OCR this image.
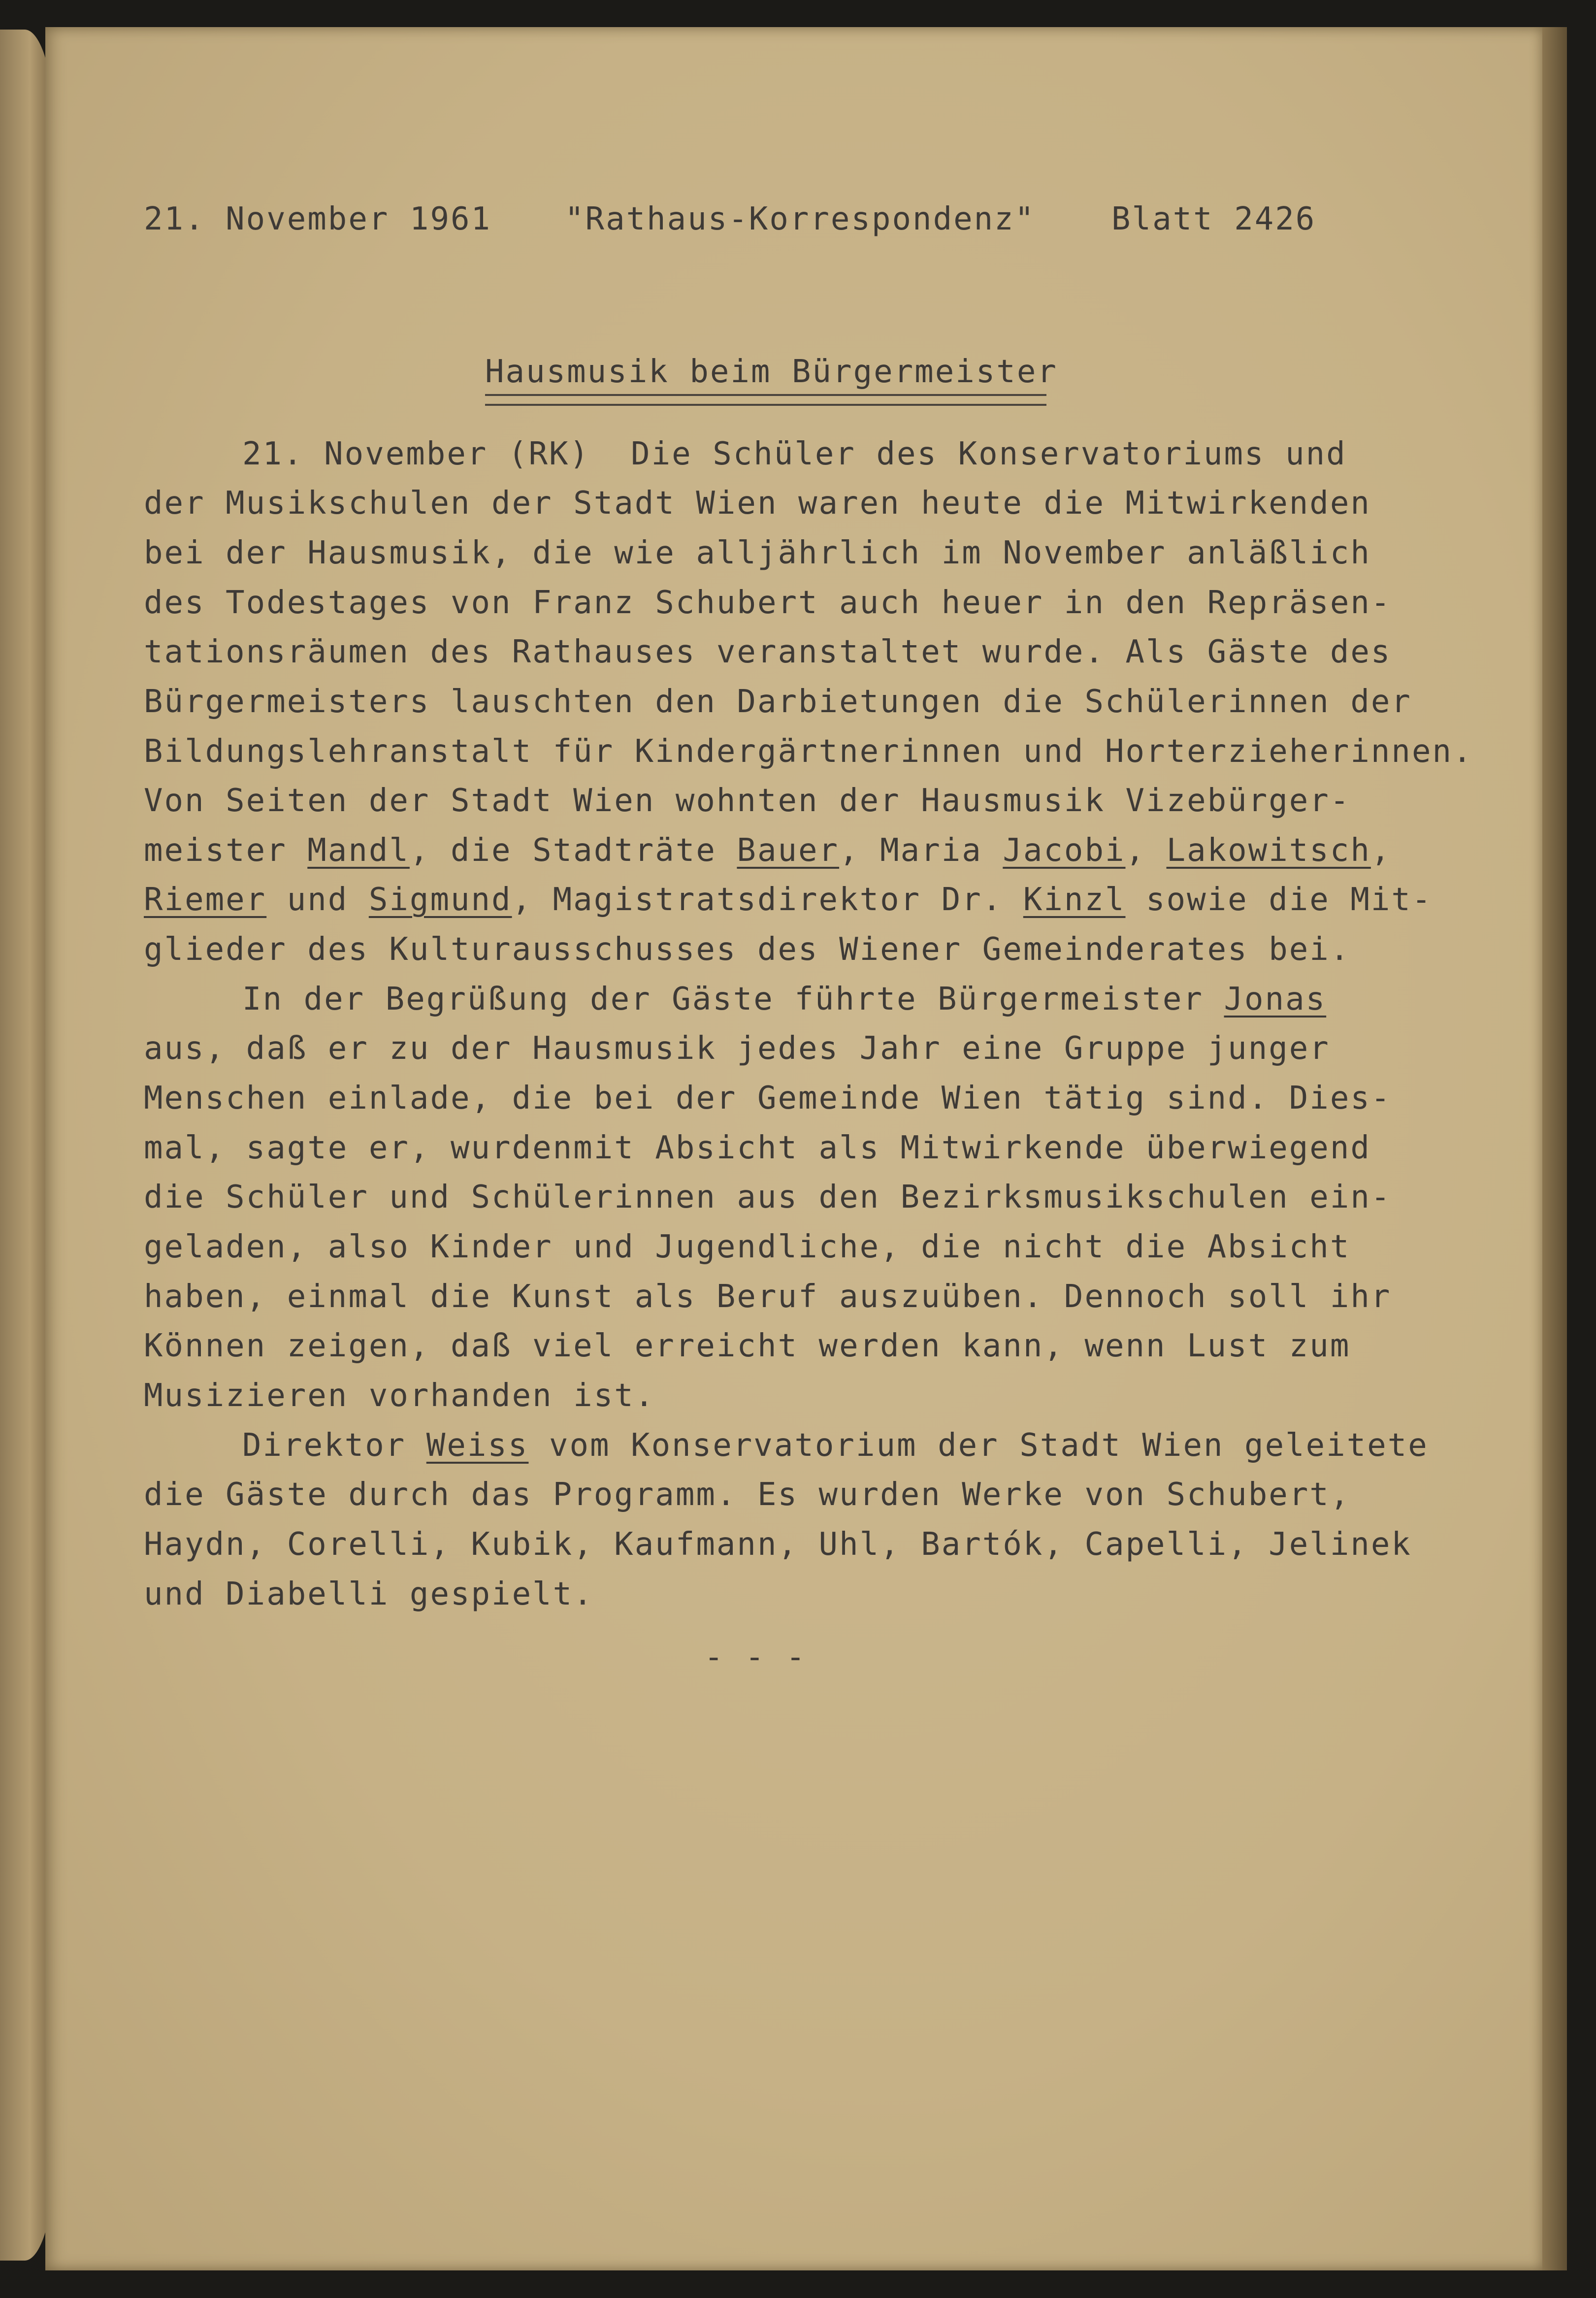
21. November 1961 "Rathaus-Korrespondenz" Blatt 2426
Hausmusik beim Bürgermeister
21. November (RK)  Die Schüler des Konservatoriums und
der Musikschulen der Stadt Wien waren heute die Mitwirkenden
bei der Hausmusik, die wie alljährlich im November anläßlich
des Todestages von Franz Schubert auch heuer in den Repräsen-
tationsräumen des Rathauses veranstaltet wurde. Als Gäste des
Bürgermeisters lauschten den Darbietungen die Schülerinnen der
Bildungslehranstalt für Kindergärtnerinnen und Horterzieherinnen.
Von Seiten der Stadt Wien wohnten der Hausmusik Vizebürger-
meister Mandl, die Stadträte Bauer, Maria Jacobi, Lakowitsch,
Riemer und Sigmund, Magistratsdirektor Dr. Kinzl sowie die Mit-
glieder des Kulturausschusses des Wiener Gemeinderates bei.
In der Begrüßung der Gäste führte Bürgermeister Jonas
aus, daß er zu der Hausmusik jedes Jahr eine Gruppe junger
Menschen einlade, die bei der Gemeinde Wien tätig sind. Dies-
mal, sagte er, wurdenmit Absicht als Mitwirkende überwiegend
die Schüler und Schülerinnen aus den Bezirksmusikschulen ein-
geladen, also Kinder und Jugendliche, die nicht die Absicht
haben, einmal die Kunst als Beruf auszuüben. Dennoch soll ihr
Können zeigen, daß viel erreicht werden kann, wenn Lust zum
Musizieren vorhanden ist.
Direktor Weiss vom Konservatorium der Stadt Wien geleitete
die Gäste durch das Programm. Es wurden Werke von Schubert,
Haydn, Corelli, Kubik, Kaufmann, Uhl, Bartók, Capelli, Jelinek
und Diabelli gespielt.
- - -
